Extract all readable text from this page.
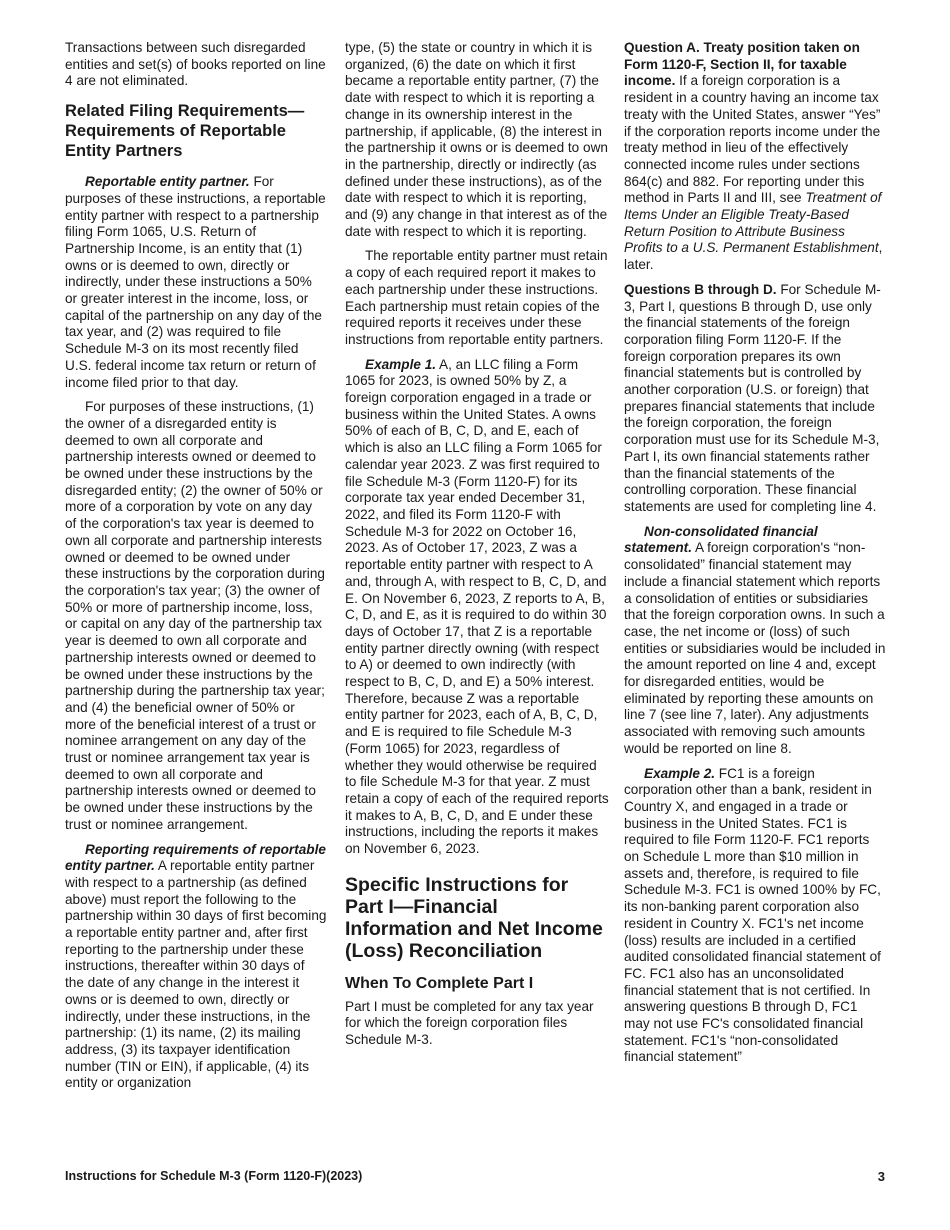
Transactions between such disregarded entities and set(s) of books reported on line 4 are not eliminated.

Related Filing Requirements—Requirements of Reportable Entity Partners

Reportable entity partner. For purposes of these instructions, a reportable entity partner with respect to a partnership filing Form 1065, U.S. Return of Partnership Income, is an entity that (1) owns or is deemed to own, directly or indirectly, under these instructions a 50% or greater interest in the income, loss, or capital of the partnership on any day of the tax year, and (2) was required to file Schedule M-3 on its most recently filed U.S. federal income tax return or return of income filed prior to that day.

For purposes of these instructions, (1) the owner of a disregarded entity is deemed to own all corporate and partnership interests owned or deemed to be owned under these instructions by the disregarded entity; (2) the owner of 50% or more of a corporation by vote on any day of the corporation's tax year is deemed to own all corporate and partnership interests owned or deemed to be owned under these instructions by the corporation during the corporation's tax year; (3) the owner of 50% or more of partnership income, loss, or capital on any day of the partnership tax year is deemed to own all corporate and partnership interests owned or deemed to be owned under these instructions by the partnership during the partnership tax year; and (4) the beneficial owner of 50% or more of the beneficial interest of a trust or nominee arrangement on any day of the trust or nominee arrangement tax year is deemed to own all corporate and partnership interests owned or deemed to be owned under these instructions by the trust or nominee arrangement.

Reporting requirements of reportable entity partner. A reportable entity partner with respect to a partnership (as defined above) must report the following to the partnership within 30 days of first becoming a reportable entity partner and, after first reporting to the partnership under these instructions, thereafter within 30 days of the date of any change in the interest it owns or is deemed to own, directly or indirectly, under these instructions, in the partnership: (1) its name, (2) its mailing address, (3) its taxpayer identification number (TIN or EIN), if applicable, (4) its entity or organization

type, (5) the state or country in which it is organized, (6) the date on which it first became a reportable entity partner, (7) the date with respect to which it is reporting a change in its ownership interest in the partnership, if applicable, (8) the interest in the partnership it owns or is deemed to own in the partnership, directly or indirectly (as defined under these instructions), as of the date with respect to which it is reporting, and (9) any change in that interest as of the date with respect to which it is reporting.

The reportable entity partner must retain a copy of each required report it makes to each partnership under these instructions. Each partnership must retain copies of the required reports it receives under these instructions from reportable entity partners.

Example 1. A, an LLC filing a Form 1065 for 2023, is owned 50% by Z, a foreign corporation engaged in a trade or business within the United States. A owns 50% of each of B, C, D, and E, each of which is also an LLC filing a Form 1065 for calendar year 2023. Z was first required to file Schedule M-3 (Form 1120-F) for its corporate tax year ended December 31, 2022, and filed its Form 1120-F with Schedule M-3 for 2022 on October 16, 2023. As of October 17, 2023, Z was a reportable entity partner with respect to A and, through A, with respect to B, C, D, and E. On November 6, 2023, Z reports to A, B, C, D, and E, as it is required to do within 30 days of October 17, that Z is a reportable entity partner directly owning (with respect to A) or deemed to own indirectly (with respect to B, C, D, and E) a 50% interest. Therefore, because Z was a reportable entity partner for 2023, each of A, B, C, D, and E is required to file Schedule M-3 (Form 1065) for 2023, regardless of whether they would otherwise be required to file Schedule M-3 for that year. Z must retain a copy of each of the required reports it makes to A, B, C, D, and E under these instructions, including the reports it makes on November 6, 2023.

Specific Instructions for Part I—Financial Information and Net Income (Loss) Reconciliation
When To Complete Part I

Part I must be completed for any tax year for which the foreign corporation files Schedule M-3.

Question A. Treaty position taken on Form 1120-F, Section II, for taxable income. If a foreign corporation is a resident in a country having an income tax treaty with the United States, answer “Yes” if the corporation reports income under the treaty method in lieu of the effectively connected income rules under sections 864(c) and 882. For reporting under this method in Parts II and III, see Treatment of Items Under an Eligible Treaty-Based Return Position to Attribute Business Profits to a U.S. Permanent Establishment, later.

Questions B through D. For Schedule M-3, Part I, questions B through D, use only the financial statements of the foreign corporation filing Form 1120-F. If the foreign corporation prepares its own financial statements but is controlled by another corporation (U.S. or foreign) that prepares financial statements that include the foreign corporation, the foreign corporation must use for its Schedule M-3, Part I, its own financial statements rather than the financial statements of the controlling corporation. These financial statements are used for completing line 4.

Non-consolidated financial statement. A foreign corporation's “non-consolidated” financial statement may include a financial statement which reports a consolidation of entities or subsidiaries that the foreign corporation owns. In such a case, the net income or (loss) of such entities or subsidiaries would be included in the amount reported on line 4 and, except for disregarded entities, would be eliminated by reporting these amounts on line 7 (see line 7, later). Any adjustments associated with removing such amounts would be reported on line 8.

Example 2. FC1 is a foreign corporation other than a bank, resident in Country X, and engaged in a trade or business in the United States. FC1 is required to file Form 1120-F. FC1 reports on Schedule L more than $10 million in assets and, therefore, is required to file Schedule M-3. FC1 is owned 100% by FC, its non-banking parent corporation also resident in Country X. FC1's net income (loss) results are included in a certified audited consolidated financial statement of FC. FC1 also has an unconsolidated financial statement that is not certified. In answering questions B through D, FC1 may not use FC's consolidated financial statement. FC1's “non-consolidated financial statement”

Instructions for Schedule M-3 (Form 1120-F)(2023)	3
